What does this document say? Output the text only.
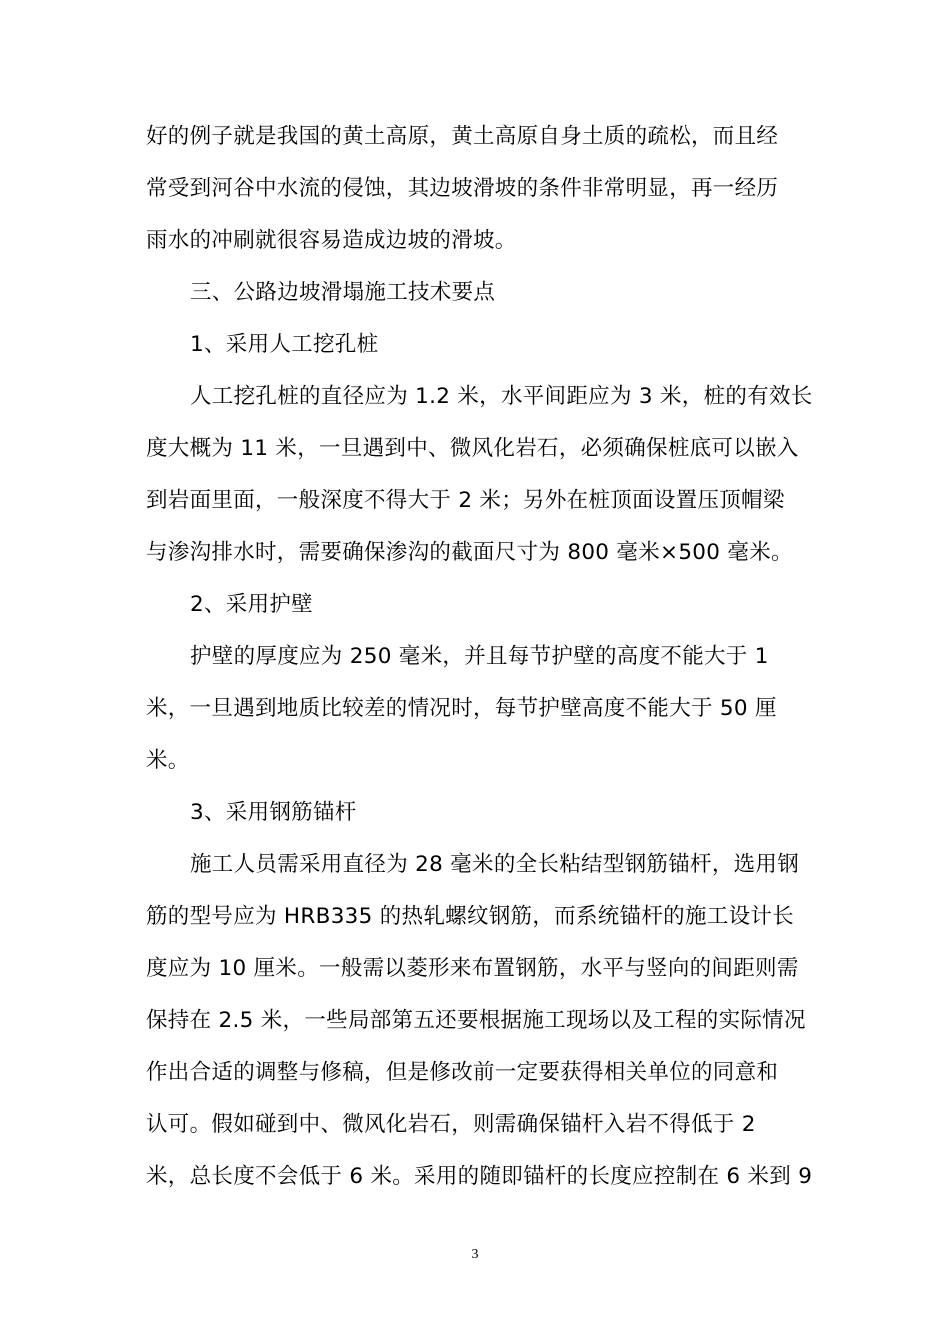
好的例子就是我国的黄土高原，黄土高原自身土质的疏松，而且经
常受到河谷中水流的侵蚀，其边坡滑坡的条件非常明显，再一经历
雨水的冲刷就很容易造成边坡的滑坡。
三、公路边坡滑塌施工技术要点
1、采用人工挖孔桩
人工挖孔桩的直径应为 1.2 米，水平间距应为 3 米，桩的有效长
度大概为 11 米，一旦遇到中、微风化岩石，必须确保桩底可以嵌入
到岩面里面，一般深度不得大于 2 米；另外在桩顶面设置压顶帽梁
与渗沟排水时，需要确保渗沟的截面尺寸为 800 毫米×500 毫米。
2、采用护壁
护壁的厚度应为 250 毫米，并且每节护壁的高度不能大于 1
米，一旦遇到地质比较差的情况时，每节护壁高度不能大于 50 厘
米。
3、采用钢筋锚杆
施工人员需采用直径为 28 毫米的全长粘结型钢筋锚杆，选用钢
筋的型号应为 HRB335 的热轧螺纹钢筋，而系统锚杆的施工设计长
度应为 10 厘米。一般需以菱形来布置钢筋，水平与竖向的间距则需
保持在 2.5 米，一些局部第五还要根据施工现场以及工程的实际情况
作出合适的调整与修稿，但是修改前一定要获得相关单位的同意和
认可。假如碰到中、微风化岩石，则需确保锚杆入岩不得低于 2
米，总长度不会低于 6 米。采用的随即锚杆的长度应控制在 6 米到 9
3
